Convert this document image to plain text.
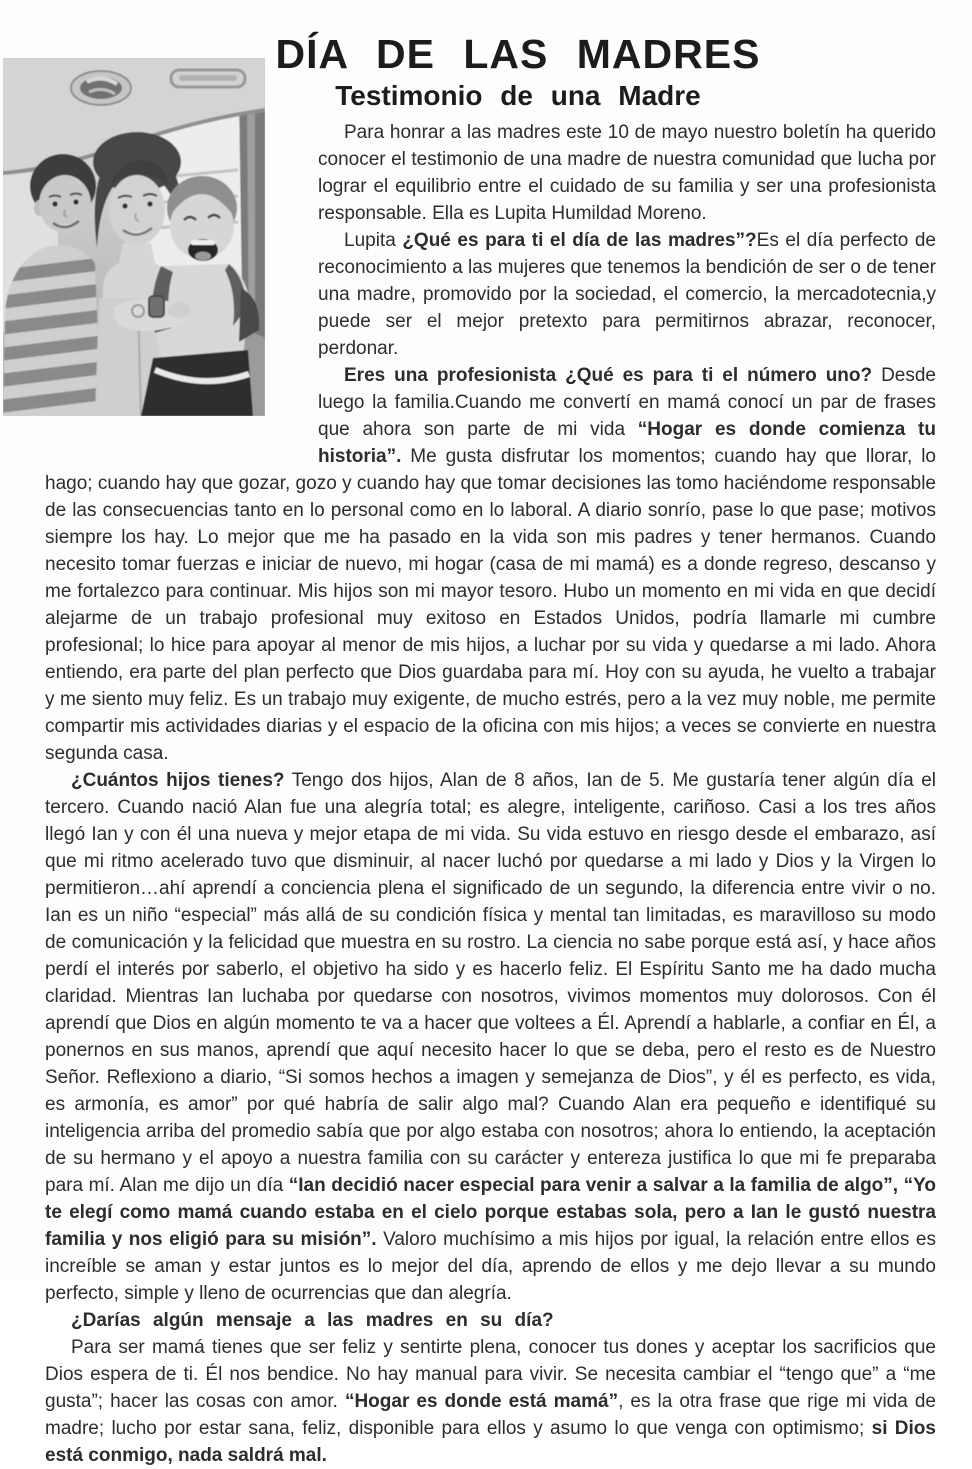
DÍA DE LAS MADRES
Testimonio de una Madre

Para honrar a las madres este 10 de mayo nuestro boletín ha querido conocer el testimonio de una madre de nuestra comunidad que lucha por lograr el equilibrio entre el cuidado de su familia y ser una profesionista responsable. Ella es Lupita Humildad Moreno.

Lupita ¿Qué es para ti el día de las madres”?Es el día perfecto de reconocimiento a las mujeres que tenemos la bendición de ser o de tener una madre, promovido por la sociedad, el comercio, la mercadotecnia,y puede ser el mejor pretexto para permitirnos abrazar, reconocer, perdonar.

Eres una profesionista ¿Qué es para ti el número uno? Desde luego la familia.Cuando me convertí en mamá conocí un par de frases que ahora son parte de mi vida “Hogar es donde comienza tu historia”. Me gusta disfrutar los momentos; cuando hay que llorar, lo hago; cuando hay que gozar, gozo y cuando hay que tomar decisiones las tomo haciéndome responsable de las consecuencias tanto en lo personal como en lo laboral. A diario sonrío, pase lo que pase; motivos siempre los hay. Lo mejor que me ha pasado en la vida son mis padres y tener hermanos. Cuando necesito tomar fuerzas e iniciar de nuevo, mi hogar (casa de mi mamá) es a donde regreso, descanso y me fortalezco para continuar. Mis hijos son mi mayor tesoro. Hubo un momento en mi vida en que decidí alejarme de un trabajo profesional muy exitoso en Estados Unidos, podría llamarle mi cumbre profesional; lo hice para apoyar al menor de mis hijos, a luchar por su vida y quedarse a mi lado. Ahora entiendo, era parte del plan perfecto que Dios guardaba para mí. Hoy con su ayuda, he vuelto a trabajar y me siento muy feliz. Es un trabajo muy exigente, de mucho estrés, pero a la vez muy noble, me permite compartir mis actividades diarias y el espacio de la oficina con mis hijos; a veces se convierte en nuestra segunda casa.

¿Cuántos hijos tienes? Tengo dos hijos, Alan de 8 años, Ian de 5. Me gustaría tener algún día el tercero. Cuando nació Alan fue una alegría total; es alegre, inteligente, cariñoso. Casi a los tres años llegó Ian y con él una nueva y mejor etapa de mi vida. Su vida estuvo en riesgo desde el embarazo, así que mi ritmo acelerado tuvo que disminuir, al nacer luchó por quedarse a mi lado y Dios y la Virgen lo permitieron…ahí aprendí a conciencia plena el significado de un segundo, la diferencia entre vivir o no. Ian es un niño “especial” más allá de su condición física y mental tan limitadas, es maravilloso su modo de comunicación y la felicidad que muestra en su rostro. La ciencia no sabe porque está así, y hace años perdí el interés por saberlo, el objetivo ha sido y es hacerlo feliz. El Espíritu Santo me ha dado mucha claridad. Mientras Ian luchaba por quedarse con nosotros, vivimos momentos muy dolorosos. Con él aprendí que Dios en algún momento te va a hacer que voltees a Él. Aprendí a hablarle, a confiar en Él, a ponernos en sus manos, aprendí que aquí necesito hacer lo que se deba, pero el resto es de Nuestro Señor. Reflexiono a diario, “Si somos hechos a imagen y semejanza de Dios”, y él es perfecto, es vida, es armonía, es amor” por qué habría de salir algo mal? Cuando Alan era pequeño e identifiqué su inteligencia arriba del promedio sabía que por algo estaba con nosotros; ahora lo entiendo, la aceptación de su hermano y el apoyo a nuestra familia con su carácter y entereza justifica lo que mi fe preparaba para mí. Alan me dijo un día “Ian decidió nacer especial para venir a salvar a la familia de algo”, “Yo te elegí como mamá cuando estaba en el cielo porque estabas sola, pero a Ian le gustó nuestra familia y nos eligió para su misión”. Valoro muchísimo a mis hijos por igual, la relación entre ellos es increíble se aman y estar juntos es lo mejor del día, aprendo de ellos y me dejo llevar a su mundo perfecto, simple y lleno de ocurrencias que dan alegría.

¿Darías algún mensaje a las madres en su día?

Para ser mamá tienes que ser feliz y sentirte plena, conocer tus dones y aceptar los sacrificios que Dios espera de ti. Él nos bendice. No hay manual para vivir. Se necesita cambiar el “tengo que” a “me gusta”; hacer las cosas con amor. “Hogar es donde está mamá”, es la otra frase que rige mi vida de madre; lucho por estar sana, feliz, disponible para ellos y asumo lo que venga con optimismo; si Dios está conmigo, nada saldrá mal.
